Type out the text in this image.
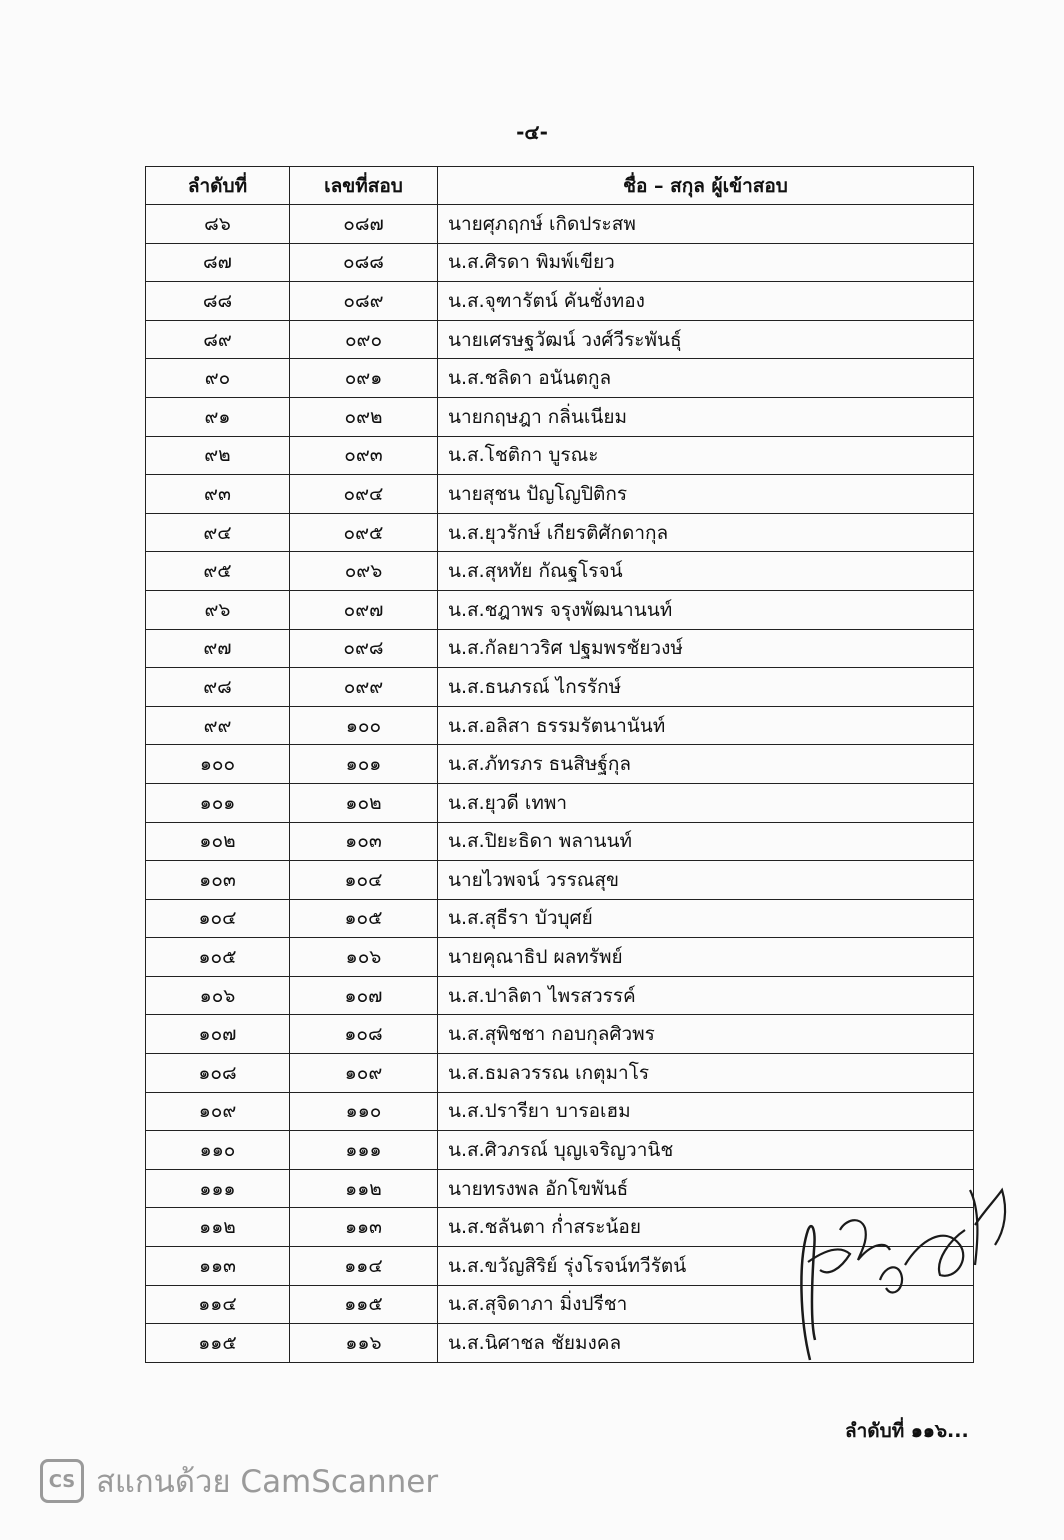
-๔-
ลำดับที่	เลขที่สอบ	ชื่อ – สกุล ผู้เข้าสอบ
๘๖	๐๘๗	นายศุภฤกษ์ เกิดประสพ
๘๗	๐๘๘	น.ส.ศิรดา พิมพ์เขียว
๘๘	๐๘๙	น.ส.จุฑารัตน์ คันชั่งทอง
๘๙	๐๙๐	นายเศรษฐวัฒน์ วงศ์วีระพันธุ์
๙๐	๐๙๑	น.ส.ชลิดา อนันตกูล
๙๑	๐๙๒	นายกฤษฎา กลิ่นเนียม
๙๒	๐๙๓	น.ส.โชติกา บูรณะ
๙๓	๐๙๔	นายสุชน ปัญโญปิติกร
๙๔	๐๙๕	น.ส.ยุวรักษ์ เกียรติศักดากุล
๙๕	๐๙๖	น.ส.สุหทัย กัณฐโรจน์
๙๖	๐๙๗	น.ส.ชฎาพร จรุงพัฒนานนท์
๙๗	๐๙๘	น.ส.กัลยาวริศ ปฐมพรชัยวงษ์
๙๘	๐๙๙	น.ส.ธนภรณ์ ไกรรักษ์
๙๙	๑๐๐	น.ส.อลิสา ธรรมรัตนานันท์
๑๐๐	๑๐๑	น.ส.ภัทรภร ธนสิษฐ์กุล
๑๐๑	๑๐๒	น.ส.ยุวดี เทพา
๑๐๒	๑๐๓	น.ส.ปิยะธิดา พลานนท์
๑๐๓	๑๐๔	นายไวพจน์ วรรณสุข
๑๐๔	๑๐๕	น.ส.สุธีรา บัวบุศย์
๑๐๕	๑๐๖	นายคุณาธิป ผลทรัพย์
๑๐๖	๑๐๗	น.ส.ปาลิตา ไพรสวรรค์
๑๐๗	๑๐๘	น.ส.สุพิชชา กอบกุลศิวพร
๑๐๘	๑๐๙	น.ส.ธมลวรรณ เกตุมาโร
๑๐๙	๑๑๐	น.ส.ปรารียา บารอเฮม
๑๑๐	๑๑๑	น.ส.ศิวภรณ์ บุญเจริญวานิช
๑๑๑	๑๑๒	นายทรงพล อักโขพันธ์
๑๑๒	๑๑๓	น.ส.ชลันตา ก่ำสระน้อย
๑๑๓	๑๑๔	น.ส.ขวัญสิริย์ รุ่งโรจน์ทวีรัตน์
๑๑๔	๑๑๕	น.ส.สุจิดาภา มิ่งปรีชา
๑๑๕	๑๑๖	น.ส.นิศาชล ชัยมงคล
ลำดับที่ ๑๑๖...
CS สแกนด้วย CamScanner
